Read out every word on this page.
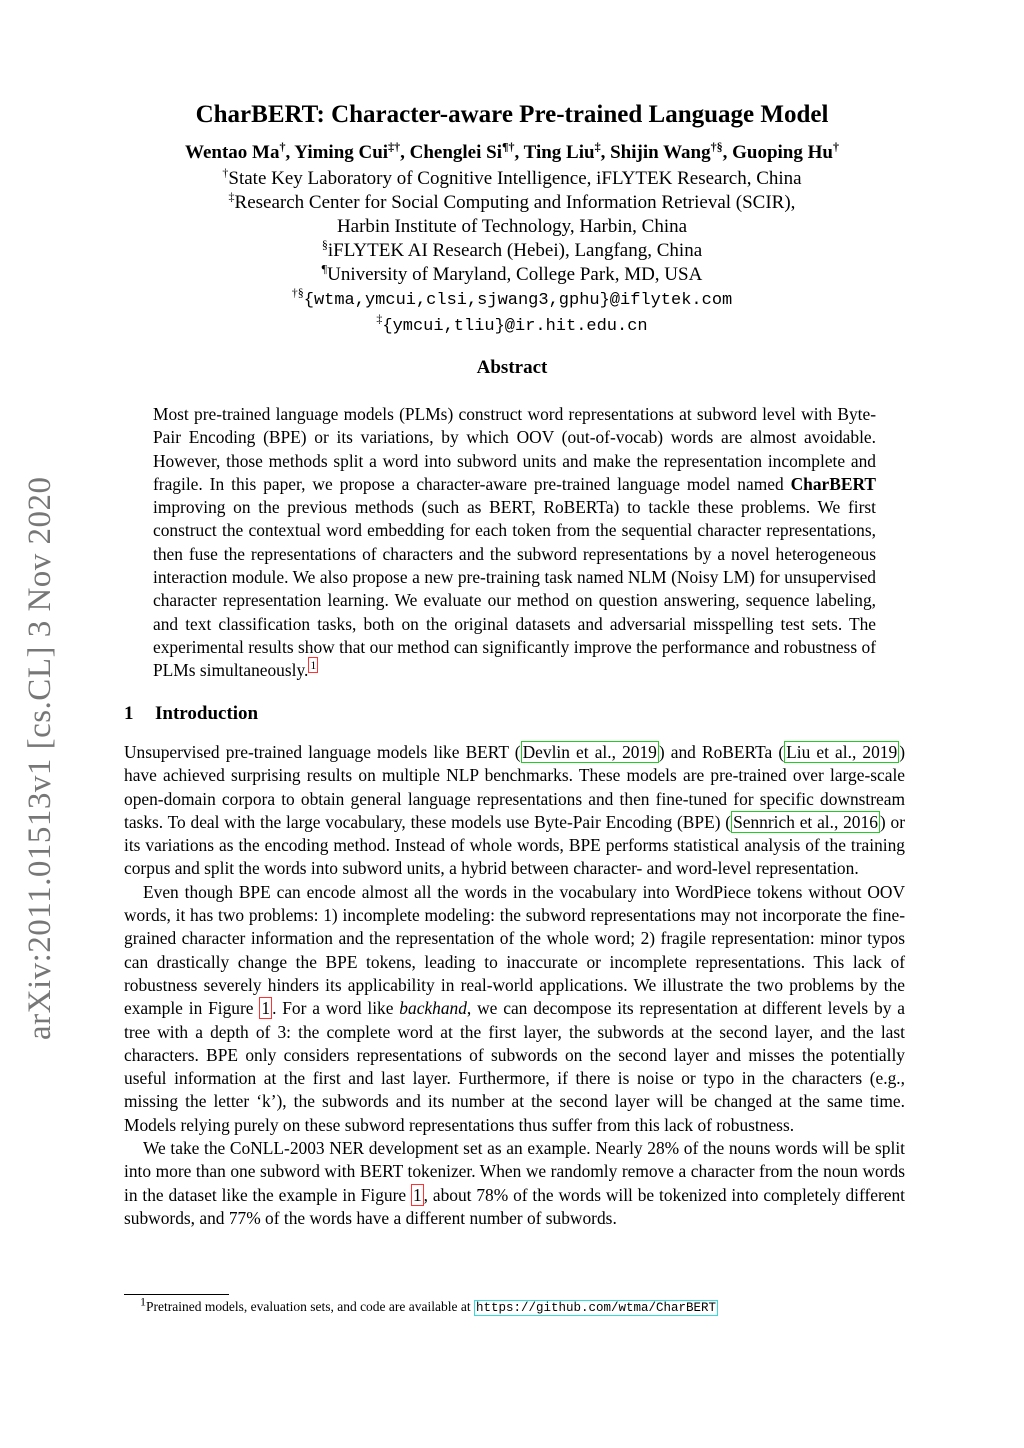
arXiv:2011.01513v1 [cs.CL] 3 Nov 2020
CharBERT: Character-aware Pre-trained Language Model
Wentao Ma†, Yiming Cui‡†, Chenglei Si¶†, Ting Liu‡, Shijin Wang†§, Guoping Hu†
†State Key Laboratory of Cognitive Intelligence, iFLYTEK Research, China
‡Research Center for Social Computing and Information Retrieval (SCIR),
Harbin Institute of Technology, Harbin, China
§iFLYTEK AI Research (Hebei), Langfang, China
¶University of Maryland, College Park, MD, USA
†§{wtma,ymcui,clsi,sjwang3,gphu}@iflytek.com
‡{ymcui,tliu}@ir.hit.edu.cn
Abstract

Most pre-trained language models (PLMs) construct word representations at subword level with Byte-Pair Encoding (BPE) or its variations, by which OOV (out-of-vocab) words are almost avoidable. However, those methods split a word into subword units and make the representation incomplete and fragile. In this paper, we propose a character-aware pre-trained language model named CharBERT improving on the previous methods (such as BERT, RoBERTa) to tackle these problems. We first construct the contextual word embedding for each token from the sequential character representations, then fuse the representations of characters and the subword representations by a novel heterogeneous interaction module. We also propose a new pre-training task named NLM (Noisy LM) for unsupervised character representation learning. We evaluate our method on question answering, sequence labeling, and text classification tasks, both on the original datasets and adversarial misspelling test sets. The experimental results show that our method can significantly improve the performance and robustness of PLMs simultaneously. $^1$

1 Introduction

Unsupervised pre-trained language models like BERT ( Devlin et al., 2019 ) and RoBERTa ( Liu et al., 2019 ) have achieved surprising results on multiple NLP benchmarks. These models are pre-trained over large-scale open-domain corpora to obtain general language representations and then fine-tuned for specific downstream tasks. To deal with the large vocabulary, these models use Byte-Pair Encoding (BPE) ( Sennrich et al., 2016 ) or its variations as the encoding method. Instead of whole words, BPE performs statistical analysis of the training corpus and split the words into subword units, a hybrid between character- and word-level representation.

Even though BPE can encode almost all the words in the vocabulary into WordPiece tokens without OOV words, it has two problems: 1) incomplete modeling: the subword representations may not incorporate the fine-grained character information and the representation of the whole word; 2) fragile representation: minor typos can drastically change the BPE tokens, leading to inaccurate or incomplete representations. This lack of robustness severely hinders its applicability in real-world applications. We illustrate the two problems by the example in Figure 1 . For a word like backhand, we can decompose its representation at different levels by a tree with a depth of 3: the complete word at the first layer, the subwords at the second layer, and the last characters. BPE only considers representations of subwords on the second layer and misses the potentially useful information at the first and last layer. Furthermore, if there is noise or typo in the characters (e.g., missing the letter ‘k’), the subwords and its number at the second layer will be changed at the same time. Models relying purely on these subword representations thus suffer from this lack of robustness.

We take the CoNLL-2003 NER development set as an example. Nearly 28% of the nouns words will be split into more than one subword with BERT tokenizer. When we randomly remove a character from the noun words in the dataset like the example in Figure 1 , about 78% of the words will be tokenized into completely different subwords, and 77% of the words have a different number of subwords.

$^1$Pretrained models, evaluation sets, and code are available at https://github.com/wtma/CharBERT
